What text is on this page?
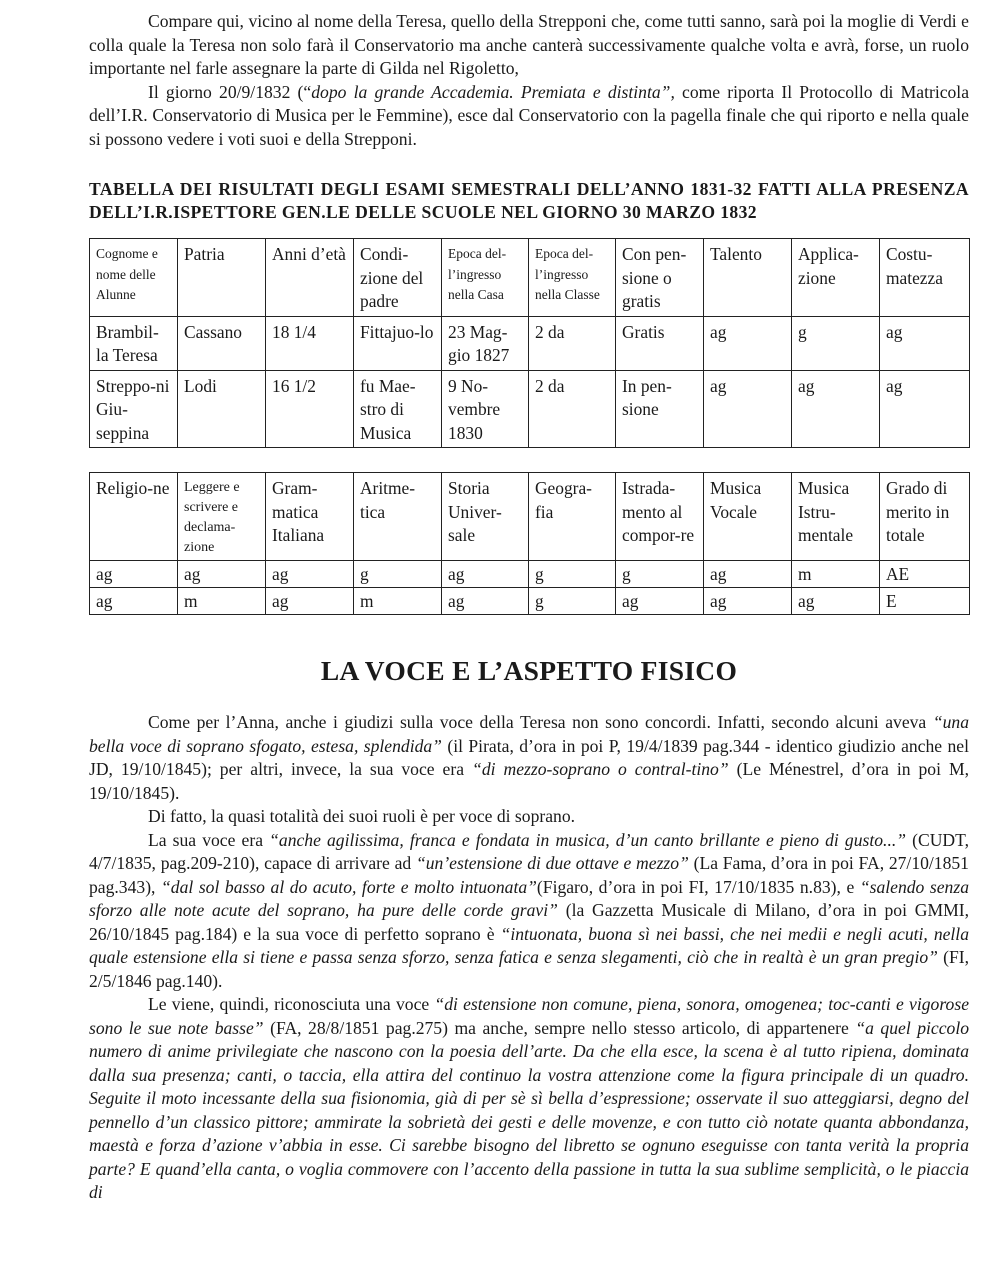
Compare qui, vicino al nome della Teresa, quello della Strepponi che, come tutti sanno, sarà poi la moglie di Verdi e colla quale la Teresa non solo farà il Conservatorio ma anche canterà successivamente qualche volta e avrà, forse, un ruolo importante nel farle assegnare la parte di Gilda nel Rigoletto,

Il giorno 20/9/1832 (“dopo la grande Accademia. Premiata e distinta”, come riporta Il Protocollo di Matricola dell’I.R. Conservatorio di Musica per le Femmine), esce dal Conservatorio con la pagella finale che qui riporto e nella quale si possono vedere i voti suoi e della Strepponi.

TABELLA DEI RISULTATI DEGLI ESAMI SEMESTRALI DELL’ANNO 1831-32 FATTI ALLA PRESENZA DELL’I.R.ISPETTORE GEN.LE DELLE SCUOLE NEL GIORNO 30 MARZO 1832
Cognome e nome delle Alunne	Patria	Anni d’età	Condi-zione del padre	Epoca del-l’ingresso nella Casa	Epoca del-l’ingresso nella Classe	Con pen-sione o gratis	Talento	Applica-zione	Costu-matezza
Brambil-la Teresa	Cassano	18 1/4	Fittajuo-lo	23 Mag-gio 1827	2 da	Gratis	ag	g	ag
Streppo-ni Giu-seppina	Lodi	16 1/2	fu Mae-stro di Musica	9 No-vembre 1830	2 da	In pen-sione	ag	ag	ag
Religio-ne	Leggere e scrivere e declama-zione	Gram-matica Italiana	Aritme-tica	Storia Univer-sale	Geogra-fia	Istrada-mento al compor-re	Musica Vocale	Musica Istru-mentale	Grado di merito in totale
ag	ag	ag	g	ag	g	g	ag	m	AE
ag	m	ag	m	ag	g	ag	ag	ag	E
LA VOCE E L’ASPETTO FISICO

Come per l’Anna, anche i giudizi sulla voce della Teresa non sono concordi. Infatti, secondo alcuni aveva “una bella voce di soprano sfogato, estesa, splendida” (il Pirata, d’ora in poi P, 19/4/1839 pag.344 - identico giudizio anche nel JD, 19/10/1845); per altri, invece, la sua voce era “di mezzo-soprano o contral-tino” (Le Ménestrel, d’ora in poi M, 19/10/1845).

Di fatto, la quasi totalità dei suoi ruoli è per voce di soprano.

La sua voce era “anche agilissima, franca e fondata in musica, d’un canto brillante e pieno di gusto...” (CUDT, 4/7/1835, pag.209-210), capace di arrivare ad “un’estensione di due ottave e mezzo” (La Fama, d’ora in poi FA, 27/10/1851 pag.343), “dal sol basso al do acuto, forte e molto intuonata”(Figaro, d’ora in poi FI, 17/10/1835 n.83), e “salendo senza sforzo alle note acute del soprano, ha pure delle corde gravi” (la Gazzetta Musicale di Milano, d’ora in poi GMMI, 26/10/1845 pag.184) e la sua voce di perfetto soprano è “intuonata, buona sì nei bassi, che nei medii e negli acuti, nella quale estensione ella si tiene e passa senza sforzo, senza fatica e senza slegamenti, ciò che in realtà è un gran pregio” (FI, 2/5/1846 pag.140).

Le viene, quindi, riconosciuta una voce “di estensione non comune, piena, sonora, omogenea; toc-canti e vigorose sono le sue note basse” (FA, 28/8/1851 pag.275) ma anche, sempre nello stesso articolo, di appartenere “a quel piccolo numero di anime privilegiate che nascono con la poesia dell’arte. Da che ella esce, la scena è al tutto ripiena, dominata dalla sua presenza; canti, o taccia, ella attira del continuo la vostra attenzione come la figura principale di un quadro. Seguite il moto incessante della sua fisionomia, già di per sè sì bella d’espressione; osservate il suo atteggiarsi, degno del pennello d’un classico pittore; ammirate la sobrietà dei gesti e delle movenze, e con tutto ciò notate quanta abbondanza, maestà e forza d’azione v’abbia in esse. Ci sarebbe bisogno del libretto se ognuno eseguisse con tanta verità la propria parte? E quand’ella canta, o voglia commovere con l’accento della passione in tutta la sua sublime semplicità, o le piaccia di
